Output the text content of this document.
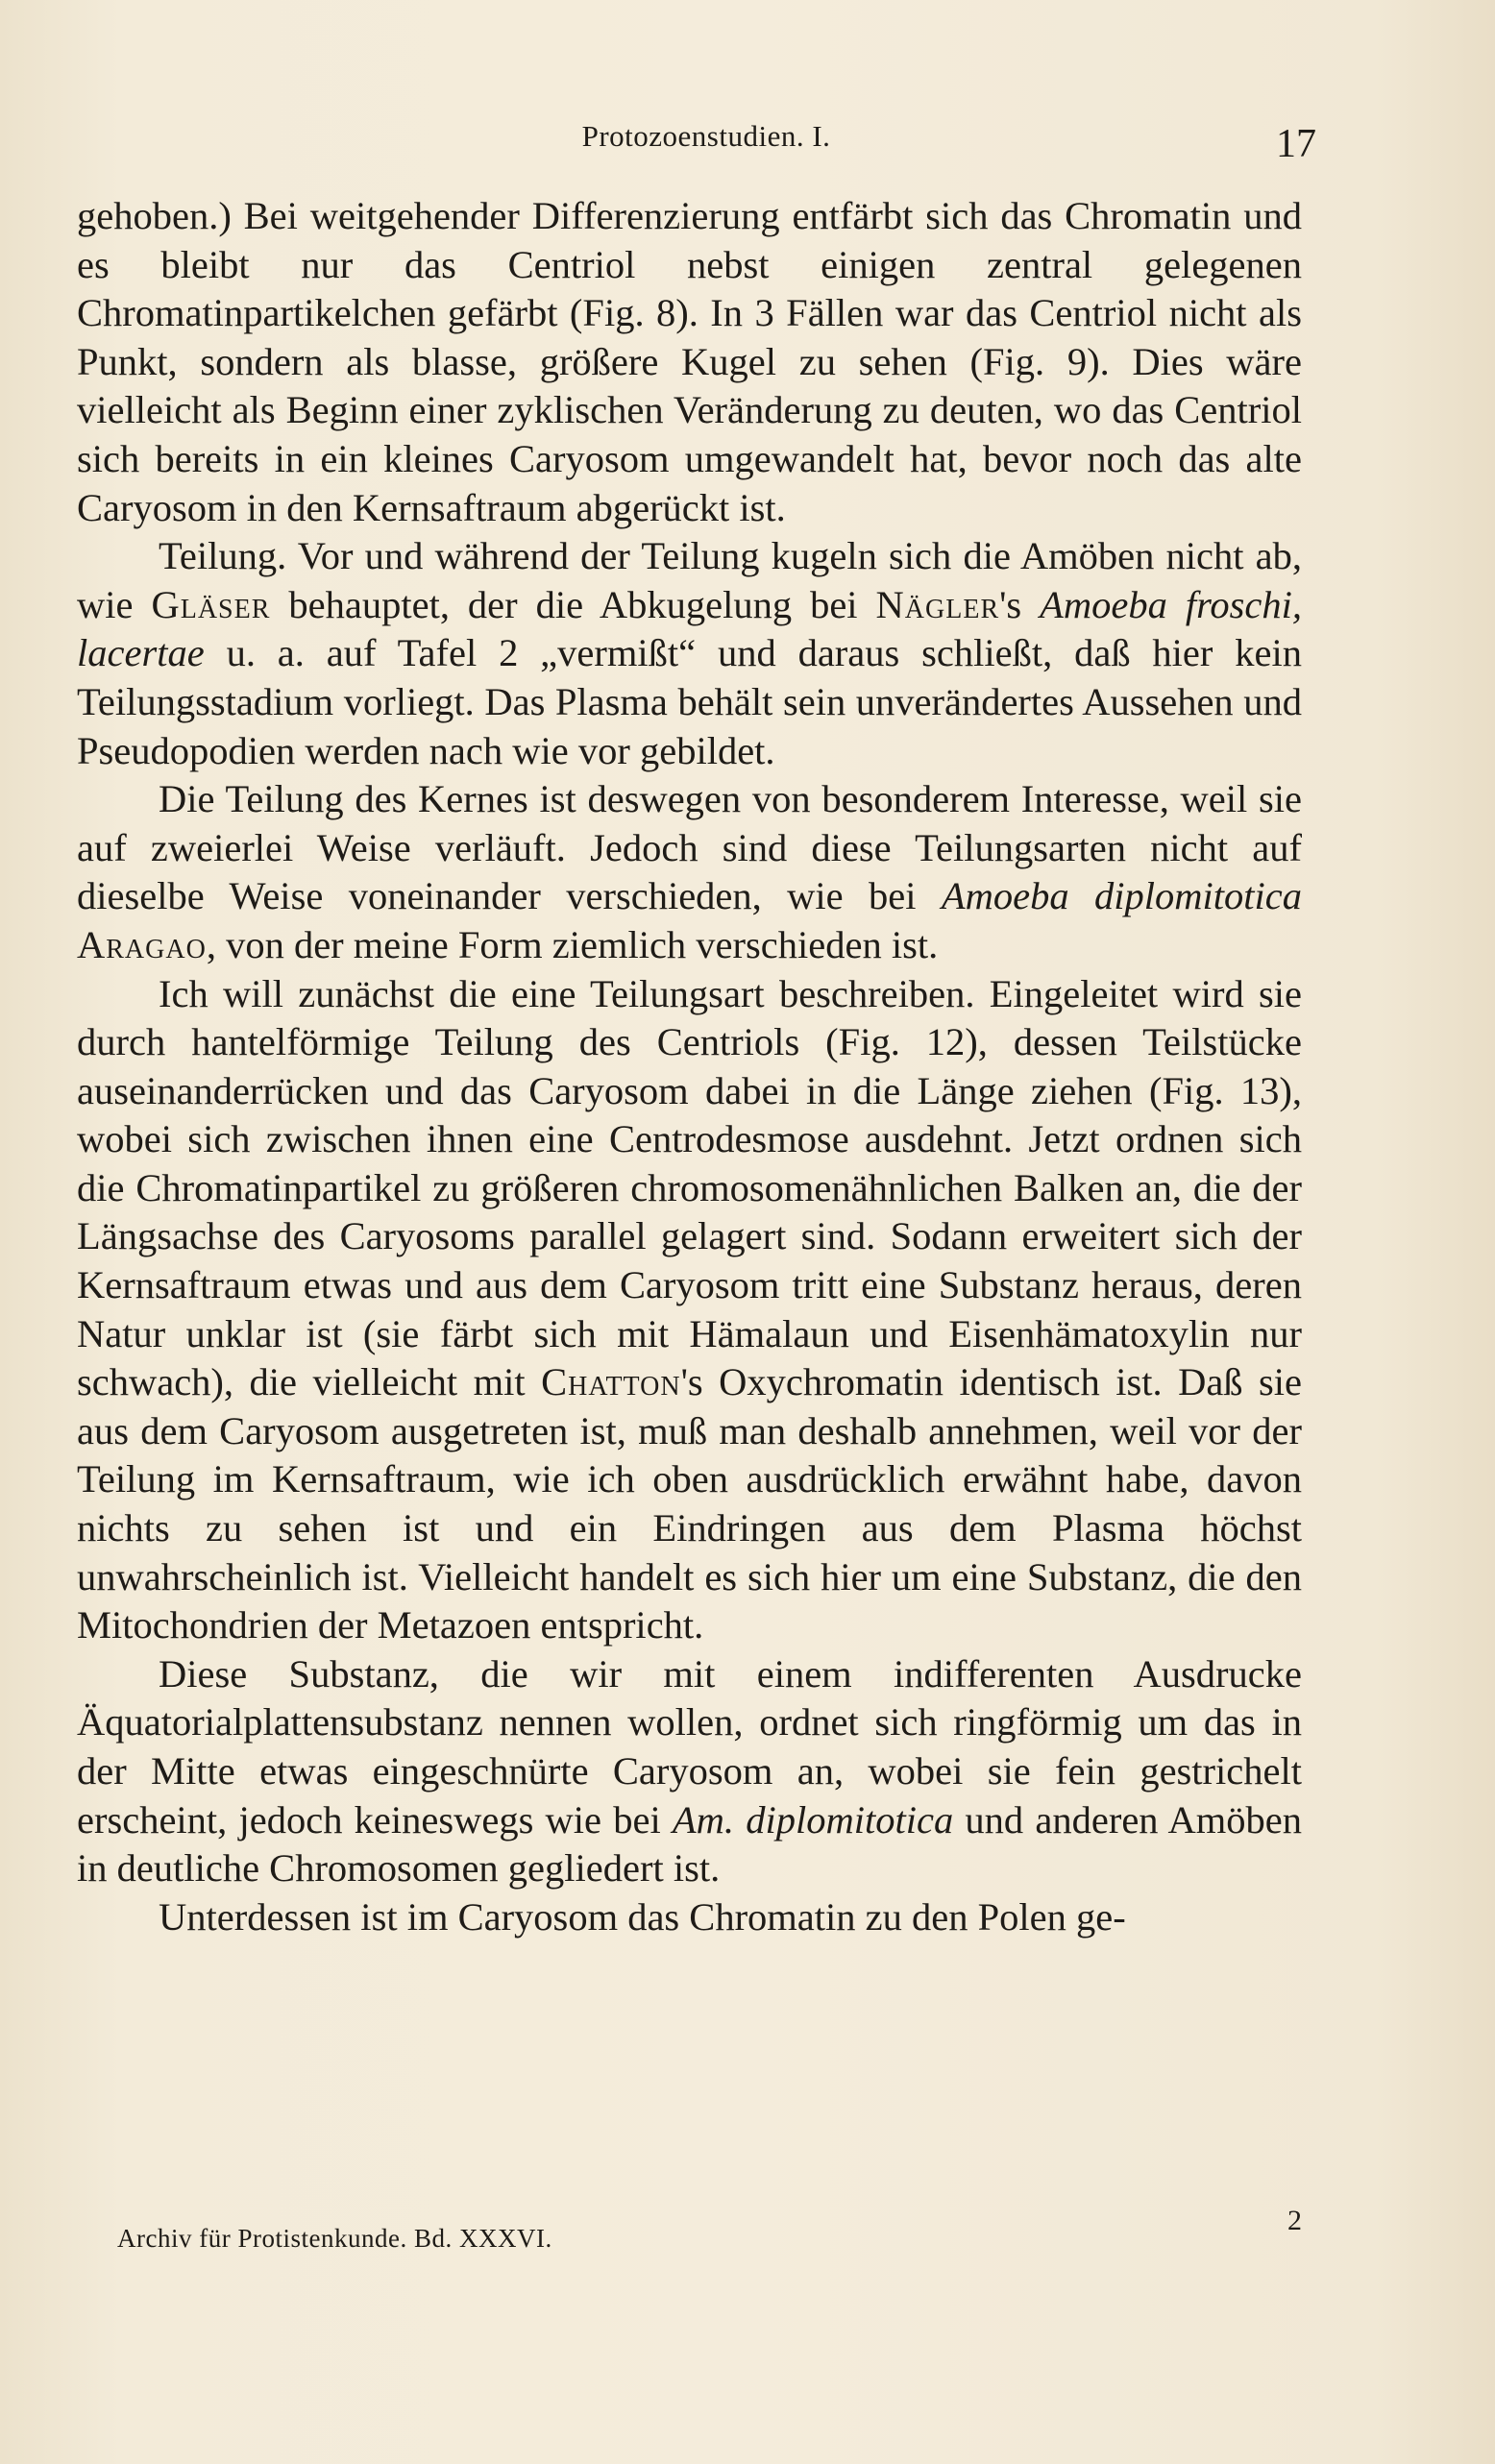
Protozoenstudien. I.	17

gehoben.) Bei weitgehender Differenzierung entfärbt sich das Chromatin und es bleibt nur das Centriol nebst einigen zentral gelegenen Chromatinpartikelchen gefärbt (Fig. 8). In 3 Fällen war das Centriol nicht als Punkt, sondern als blasse, größere Kugel zu sehen (Fig. 9). Dies wäre vielleicht als Beginn einer zyklischen Veränderung zu deuten, wo das Centriol sich bereits in ein kleines Caryosom umgewandelt hat, bevor noch das alte Caryosom in den Kernsaftraum abgerückt ist.

Teilung. Vor und während der Teilung kugeln sich die Amöben nicht ab, wie Gläser behauptet, der die Abkugelung bei Nägler's Amoeba froschi, lacertae u. a. auf Tafel 2 „vermißt“ und daraus schließt, daß hier kein Teilungsstadium vorliegt. Das Plasma behält sein unverändertes Aussehen und Pseudopodien werden nach wie vor gebildet.

Die Teilung des Kernes ist deswegen von besonderem Interesse, weil sie auf zweierlei Weise verläuft. Jedoch sind diese Teilungsarten nicht auf dieselbe Weise voneinander verschieden, wie bei Amoeba diplomitotica Aragao, von der meine Form ziemlich verschieden ist.

Ich will zunächst die eine Teilungsart beschreiben. Eingeleitet wird sie durch hantelförmige Teilung des Centriols (Fig. 12), dessen Teilstücke auseinanderrücken und das Caryosom dabei in die Länge ziehen (Fig. 13), wobei sich zwischen ihnen eine Centrodesmose ausdehnt. Jetzt ordnen sich die Chromatinpartikel zu größeren chromosomenähnlichen Balken an, die der Längsachse des Caryosoms parallel gelagert sind. Sodann erweitert sich der Kernsaftraum etwas und aus dem Caryosom tritt eine Substanz heraus, deren Natur unklar ist (sie färbt sich mit Hämalaun und Eisenhämatoxylin nur schwach), die vielleicht mit Chatton's Oxychromatin identisch ist. Daß sie aus dem Caryosom ausgetreten ist, muß man deshalb annehmen, weil vor der Teilung im Kernsaftraum, wie ich oben ausdrücklich erwähnt habe, davon nichts zu sehen ist und ein Eindringen aus dem Plasma höchst unwahrscheinlich ist. Vielleicht handelt es sich hier um eine Substanz, die den Mitochondrien der Metazoen entspricht.

Diese Substanz, die wir mit einem indifferenten Ausdrucke Äquatorialplattensubstanz nennen wollen, ordnet sich ringförmig um das in der Mitte etwas eingeschnürte Caryosom an, wobei sie fein gestrichelt erscheint, jedoch keineswegs wie bei Am. diplomitotica und anderen Amöben in deutliche Chromosomen gegliedert ist.

Unterdessen ist im Caryosom das Chromatin zu den Polen ge-

Archiv für Protistenkunde. Bd. XXXVI.
2
